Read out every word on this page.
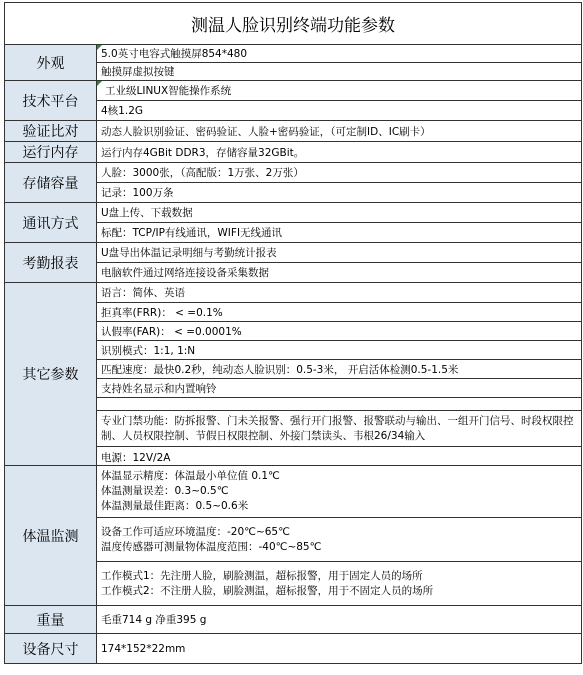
测温人脸识别终端功能参数	
外观	5.0英寸电容式触摸屏854*480
	触摸屏虚拟按键
技术平台	工业级LINUX智能操作系统
	4核1.2G
验证比对	动态人脸识别验证、密码验证、人脸+密码验证，（可定制ID、IC刷卡）
运行内存	运行内存4GBit DDR3，存储容量32GBit。
存储容量	人脸：3000张，（高配版：1万张、2万张）
	记录：100万条
通讯方式	U盘上传、下载数据
	标配：TCP/IP有线通讯，WIFI无线通讯
考勤报表	U盘导出体温记录明细与考勤统计报表
	电脑软件通过网络连接设备采集数据
其它参数	语言：简体、英语
	拒真率(FRR)： < =0.1%
	认假率(FAR)： < =0.0001%
	识别模式：1:1, 1:N
	匹配速度：最快0.2秒，纯动态人脸识别：0.5-3米， 开启活体检测0.5-1.5米
	支持姓名显示和内置响铃

	专业门禁功能：防拆报警、门未关报警、强行开门报警、报警联动与输出、一组开门信号、时段权限控制、人员权限控制、节假日权限控制、外接门禁读头、韦根26/34输入

	电源：12V/2A
体温监测	体温显示精度：体温最小单位值 0.1℃
体温测量误差：0.3~0.5℃
体温测量最佳距离：0.5~0.6米

	设备工作可适应环境温度：-20℃~65℃
温度传感器可测量物体温度范围：-40℃~85℃

	工作模式1：先注册人脸，刷脸测温，超标报警，用于固定人员的场所
工作模式2：不注册人脸，刷脸测温，超标报警，用于不固定人员的场所

重量	毛重714 g 净重395 g
设备尺寸	174*152*22mm
